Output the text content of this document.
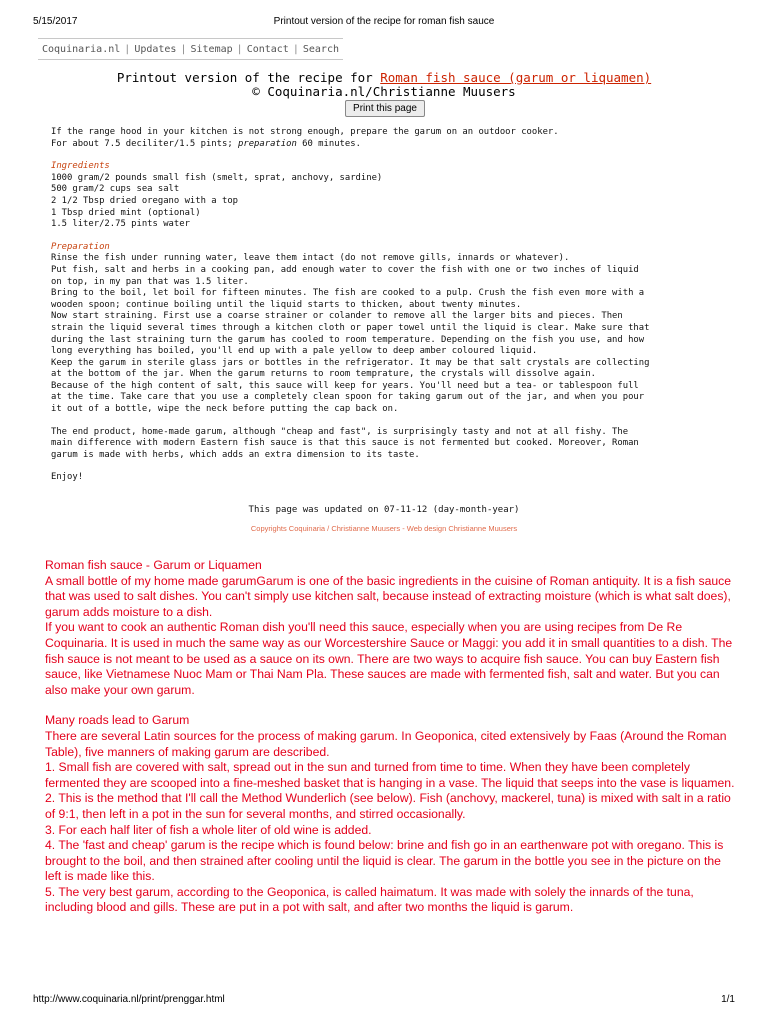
5/15/2017	Printout version of the recipe for roman fish sauce
Coquinaria.nl | Updates | Sitemap | Contact | Search
Printout version of the recipe for Roman fish sauce (garum or liquamen)
© Coquinaria.nl/Christianne Muusers
Print this page

If the range hood in your kitchen is not strong enough, prepare the garum on an outdoor cooker.

For about 7.5 deciliter/1.5 pints; preparation 60 minutes.

Ingredients

1000 gram/2 pounds small fish (smelt, sprat, anchovy, sardine)

500 gram/2 cups sea salt

2 1/2 Tbsp dried oregano with a top

1 Tbsp dried mint (optional)

1.5 liter/2.75 pints water

Preparation

Rinse the fish under running water, leave them intact (do not remove gills, innards or whatever).

Put fish, salt and herbs in a cooking pan, add enough water to cover the fish with one or two inches of liquid

on top, in my pan that was 1.5 liter.

Bring to the boil, let boil for fifteen minutes. The fish are cooked to a pulp. Crush the fish even more with a

wooden spoon; continue boiling until the liquid starts to thicken, about twenty minutes.

Now start straining. First use a coarse strainer or colander to remove all the larger bits and pieces. Then

strain the liquid several times through a kitchen cloth or paper towel until the liquid is clear. Make sure that

during the last straining turn the garum has cooled to room temperature. Depending on the fish you use, and how

long everything has boiled, you'll end up with a pale yellow to deep amber coloured liquid.

Keep the garum in sterile glass jars or bottles in the refrigerator. It may be that salt crystals are collecting

at the bottom of the jar. When the garum returns to room temprature, the crystals will dissolve again.

Because of the high content of salt, this sauce will keep for years. You'll need but a tea- or tablespoon full

at the time. Take care that you use a completely clean spoon for taking garum out of the jar, and when you pour

it out of a bottle, wipe the neck before putting the cap back on.

The end product, home-made garum, although "cheap and fast", is surprisingly tasty and not at all fishy. The

main difference with modern Eastern fish sauce is that this sauce is not fermented but cooked. Moreover, Roman

garum is made with herbs, which adds an extra dimension to its taste.

Enjoy!

This page was updated on 07-11-12 (day-month-year)
Copyrights Coquinaria / Christianne Muusers - Web design Christianne Muusers

Roman fish sauce - Garum or Liquamen

A small bottle of my home made garumGarum is one of the basic ingredients in the cuisine of Roman antiquity. It is a fish sauce that was used to salt dishes. You can't simply use kitchen salt, because instead of extracting moisture (which is what salt does), garum adds moisture to a dish.

If you want to cook an authentic Roman dish you'll need this sauce, especially when you are using recipes from De Re Coquinaria. It is used in much the same way as our Worcestershire Sauce or Maggi: you add it in small quantities to a dish. The fish sauce is not meant to be used as a sauce on its own. There are two ways to acquire fish sauce. You can buy Eastern fish sauce, like Vietnamese Nuoc Mam or Thai Nam Pla. These sauces are made with fermented fish, salt and water. But you can also make your own garum.

Many roads lead to Garum

There are several Latin sources for the process of making garum. In Geoponica, cited extensively by Faas (Around the Roman Table), five manners of making garum are described.

1. Small fish are covered with salt, spread out in the sun and turned from time to time. When they have been completely fermented they are scooped into a fine-meshed basket that is hanging in a vase. The liquid that seeps into the vase is liquamen.

2. This is the method that I'll call the Method Wunderlich (see below). Fish (anchovy, mackerel, tuna) is mixed with salt in a ratio of 9:1, then left in a pot in the sun for several months, and stirred occasionally.

3. For each half liter of fish a whole liter of old wine is added.

4. The 'fast and cheap' garum is the recipe which is found below: brine and fish go in an earthenware pot with oregano. This is brought to the boil, and then strained after cooling until the liquid is clear. The garum in the bottle you see in the picture on the left is made like this.

5. The very best garum, according to the Geoponica, is called haimatum. It was made with solely the innards of the tuna, including blood and gills. These are put in a pot with salt, and after two months the liquid is garum.

http://www.coquinaria.nl/print/prenggar.html	1/1
